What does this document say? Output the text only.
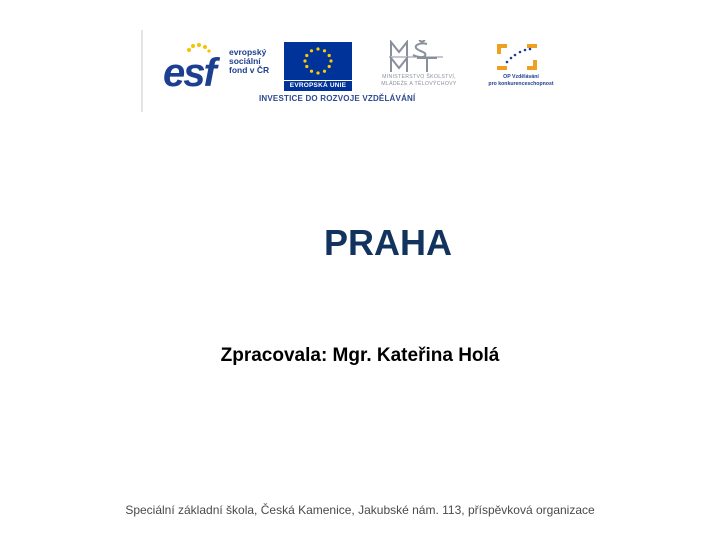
esf	evropský
sociální
fond v ČR
EVROPSKÁ UNIE
MINISTERSTVO ŠKOLSTVÍ,
MLÁDEŽE A TĚLOVÝCHOVY
OP Vzdělávání
pro konkurenceschopnost
INVESTICE DO ROZVOJE VZDĚLÁVÁNÍ
PRAHA
Zpracovala: Mgr. Kateřina Holá
Speciální základní škola, Česká Kamenice, Jakubské nám. 113, příspěvková organizace
